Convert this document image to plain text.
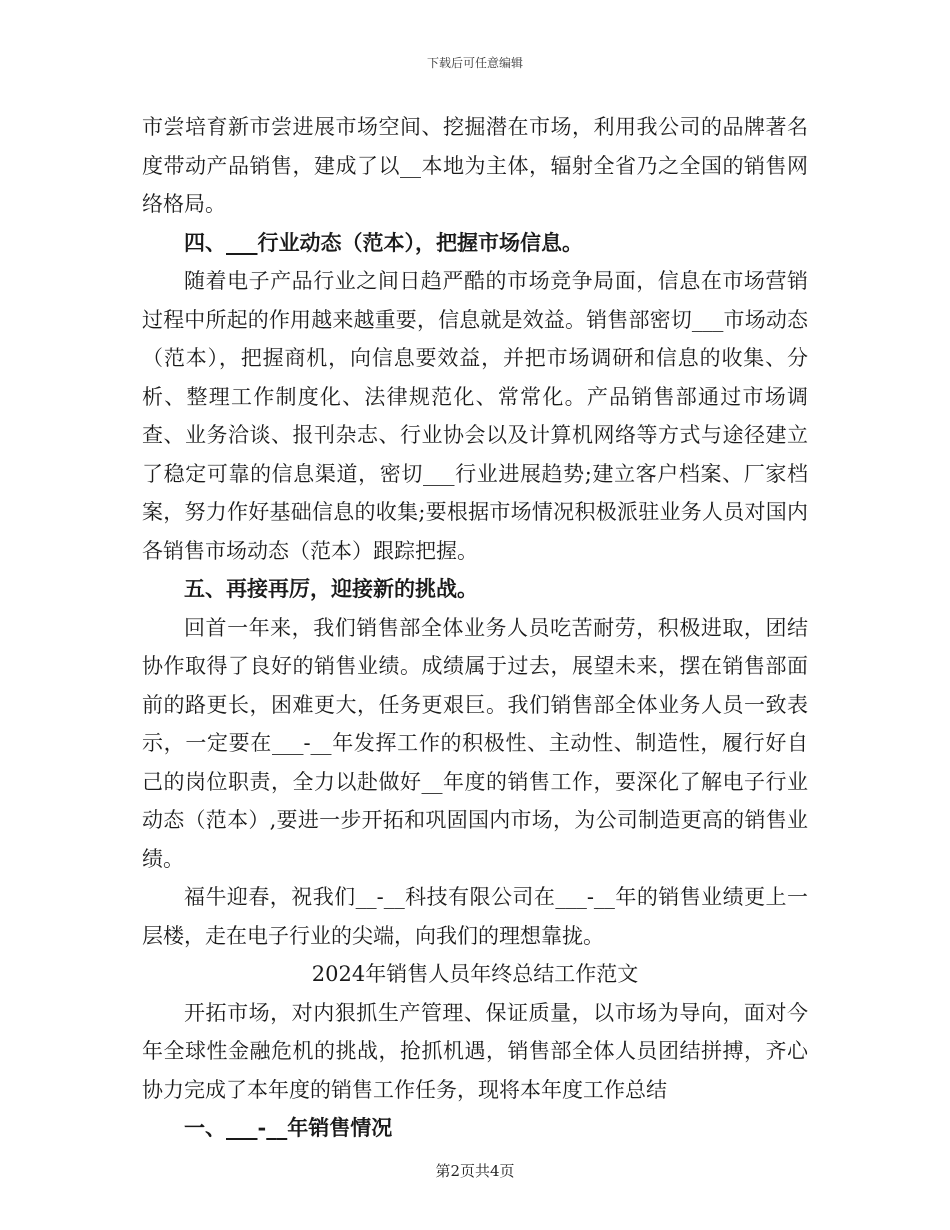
下载后可任意编辑

市尝培育新市尝进展市场空间、挖掘潜在市场，利用我公司的品牌著名度带动产品销售，建成了以__本地为主体，辐射全省乃之全国的销售网络格局。

四、___行业动态（范本），把握市场信息。

随着电子产品行业之间日趋严酷的市场竞争局面，信息在市场营销过程中所起的作用越来越重要，信息就是效益。销售部密切___市场动态（范本），把握商机，向信息要效益，并把市场调研和信息的收集、分析、整理工作制度化、法律规范化、常常化。产品销售部通过市场调查、业务洽谈、报刊杂志、行业协会以及计算机网络等方式与途径建立了稳定可靠的信息渠道，密切___行业进展趋势;建立客户档案、厂家档案，努力作好基础信息的收集;要根据市场情况积极派驻业务人员对国内各销售市场动态（范本）跟踪把握。

五、再接再厉，迎接新的挑战。

回首一年来，我们销售部全体业务人员吃苦耐劳，积极进取，团结协作取得了良好的销售业绩。成绩属于过去，展望未来，摆在销售部面前的路更长，困难更大，任务更艰巨。我们销售部全体业务人员一致表示，一定要在___-__年发挥工作的积极性、主动性、制造性，履行好自己的岗位职责，全力以赴做好__年度的销售工作，要深化了解电子行业动态（范本）,要进一步开拓和巩固国内市场，为公司制造更高的销售业绩。

福牛迎春，祝我们__-__科技有限公司在___-__年的销售业绩更上一层楼，走在电子行业的尖端，向我们的理想靠拢。

2024年销售人员年终总结工作范文

开拓市场，对内狠抓生产管理、保证质量，以市场为导向，面对今年全球性金融危机的挑战，抢抓机遇，销售部全体人员团结拼搏，齐心协力完成了本年度的销售工作任务，现将本年度工作总结

一、___-__年销售情况

第2页共4页
